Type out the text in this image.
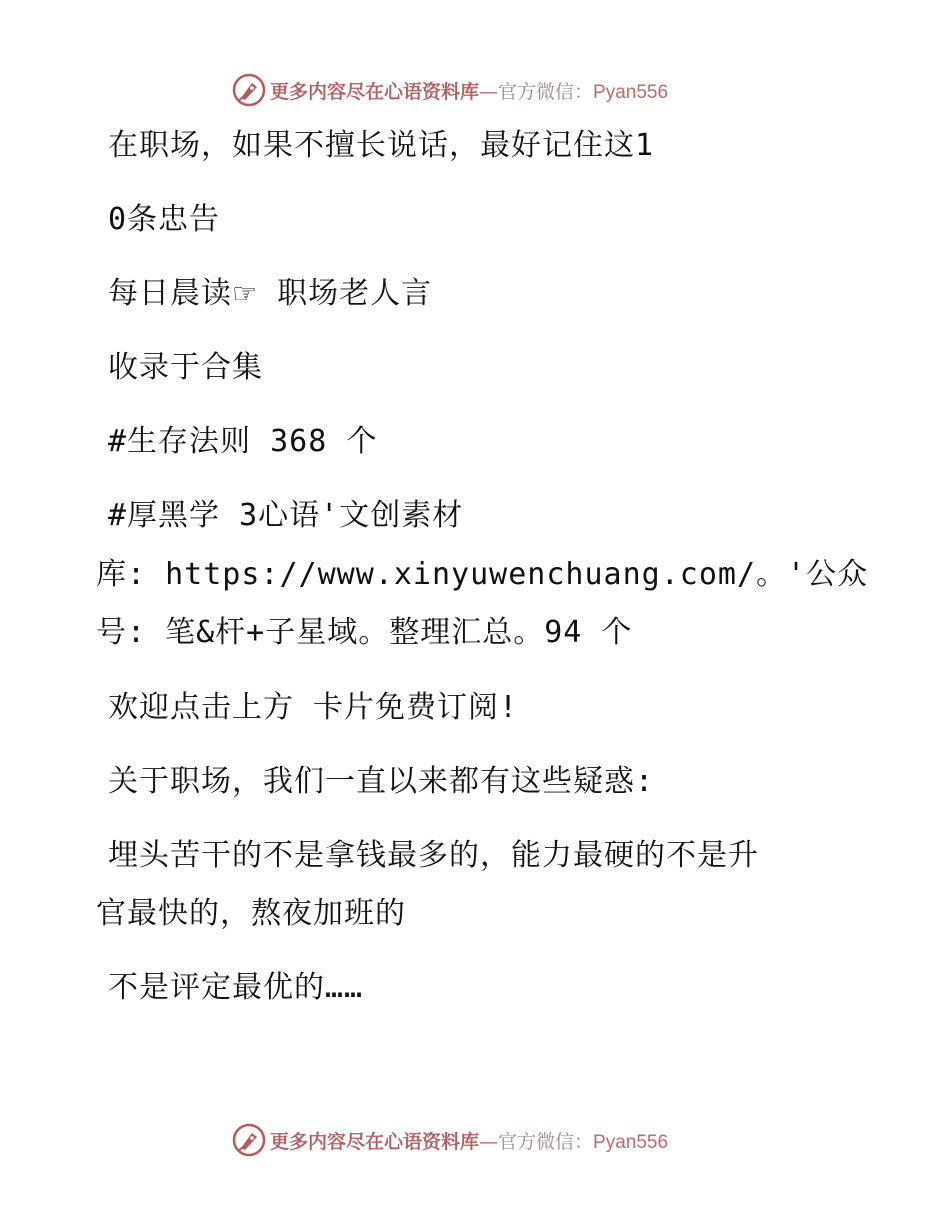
更多内容尽在心语资料库—官方微信：Pyan556
在职场，如果不擅长说话，最好记住这1
0条忠告
每日晨读☞ 职场老人言
收录于合集
#生存法则 368 个
#厚黑学 3心语'文创素材
库: https://www.xinyuwenchuang.com/。'公众
号: 笔&杆+子星域。整理汇总。94 个
欢迎点击上方 卡片免费订阅!
关于职场，我们一直以来都有这些疑惑:
埋头苦干的不是拿钱最多的，能力最硬的不是升
官最快的，熬夜加班的
不是评定最优的……
更多内容尽在心语资料库—官方微信：Pyan556
